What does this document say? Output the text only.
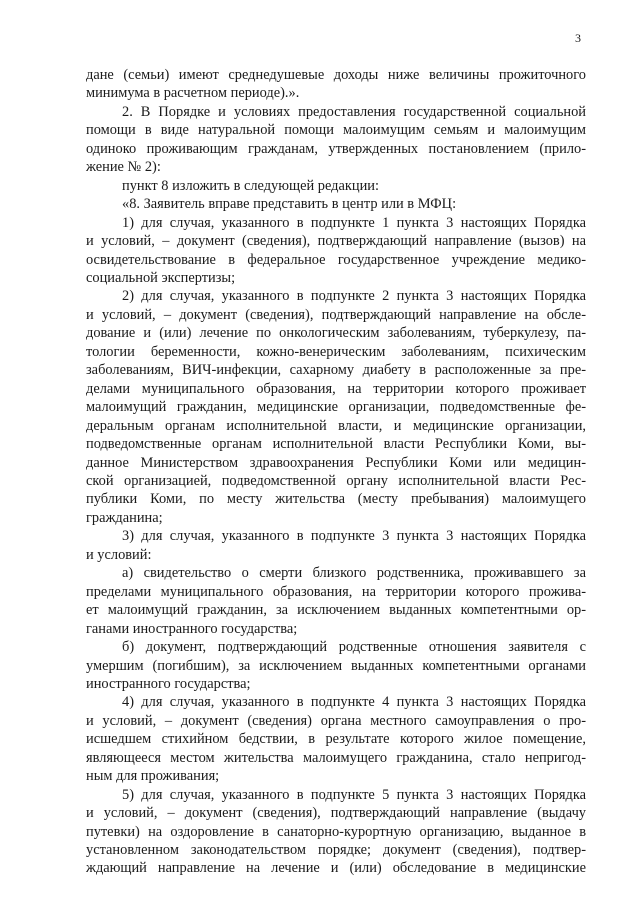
3
дане (семьи) имеют среднедушевые доходы ниже величины прожиточного
минимума в расчетном периоде).».
2. В Порядке и условиях предоставления государственной социальной
помощи в виде натуральной помощи малоимущим семьям и малоимущим
одиноко проживающим гражданам, утвержденных постановлением (прило-
жение № 2):
пункт 8 изложить в следующей редакции:
«8. Заявитель вправе представить в центр или в МФЦ:
1) для случая, указанного в подпункте 1 пункта 3 настоящих Порядка
и условий, – документ (сведения), подтверждающий направление (вызов) на
освидетельствование в федеральное государственное учреждение медико-
социальной экспертизы;
2) для случая, указанного в подпункте 2 пункта 3 настоящих Порядка
и условий, – документ (сведения), подтверждающий направление на обсле-
дование и (или) лечение по онкологическим заболеваниям, туберкулезу, па-
тологии беременности, кожно-венерическим заболеваниям, психическим
заболеваниям, ВИЧ-инфекции, сахарному диабету в расположенные за пре-
делами муниципального образования, на территории которого проживает
малоимущий гражданин, медицинские организации, подведомственные фе-
деральным органам исполнительной власти, и медицинские организации,
подведомственные органам исполнительной власти Республики Коми, вы-
данное Министерством здравоохранения Республики Коми или медицин-
ской организацией, подведомственной органу исполнительной власти Рес-
публики Коми, по месту жительства (месту пребывания) малоимущего
гражданина;
3) для случая, указанного в подпункте 3 пункта 3 настоящих Порядка
и условий:
а) свидетельство о смерти близкого родственника, проживавшего за
пределами муниципального образования, на территории которого прожива-
ет малоимущий гражданин, за исключением выданных компетентными ор-
ганами иностранного государства;
б) документ, подтверждающий родственные отношения заявителя с
умершим (погибшим), за исключением выданных компетентными органами
иностранного государства;
4) для случая, указанного в подпункте 4 пункта 3 настоящих Порядка
и условий, – документ (сведения) органа местного самоуправления о про-
исшедшем стихийном бедствии, в результате которого жилое помещение,
являющееся местом жительства малоимущего гражданина, стало непригод-
ным для проживания;
5) для случая, указанного в подпункте 5 пункта 3 настоящих Порядка
и условий, – документ (сведения), подтверждающий направление (выдачу
путевки) на оздоровление в санаторно-курортную организацию, выданное в
установленном законодательством порядке; документ (сведения), подтвер-
ждающий направление на лечение и (или) обследование в медицинские
